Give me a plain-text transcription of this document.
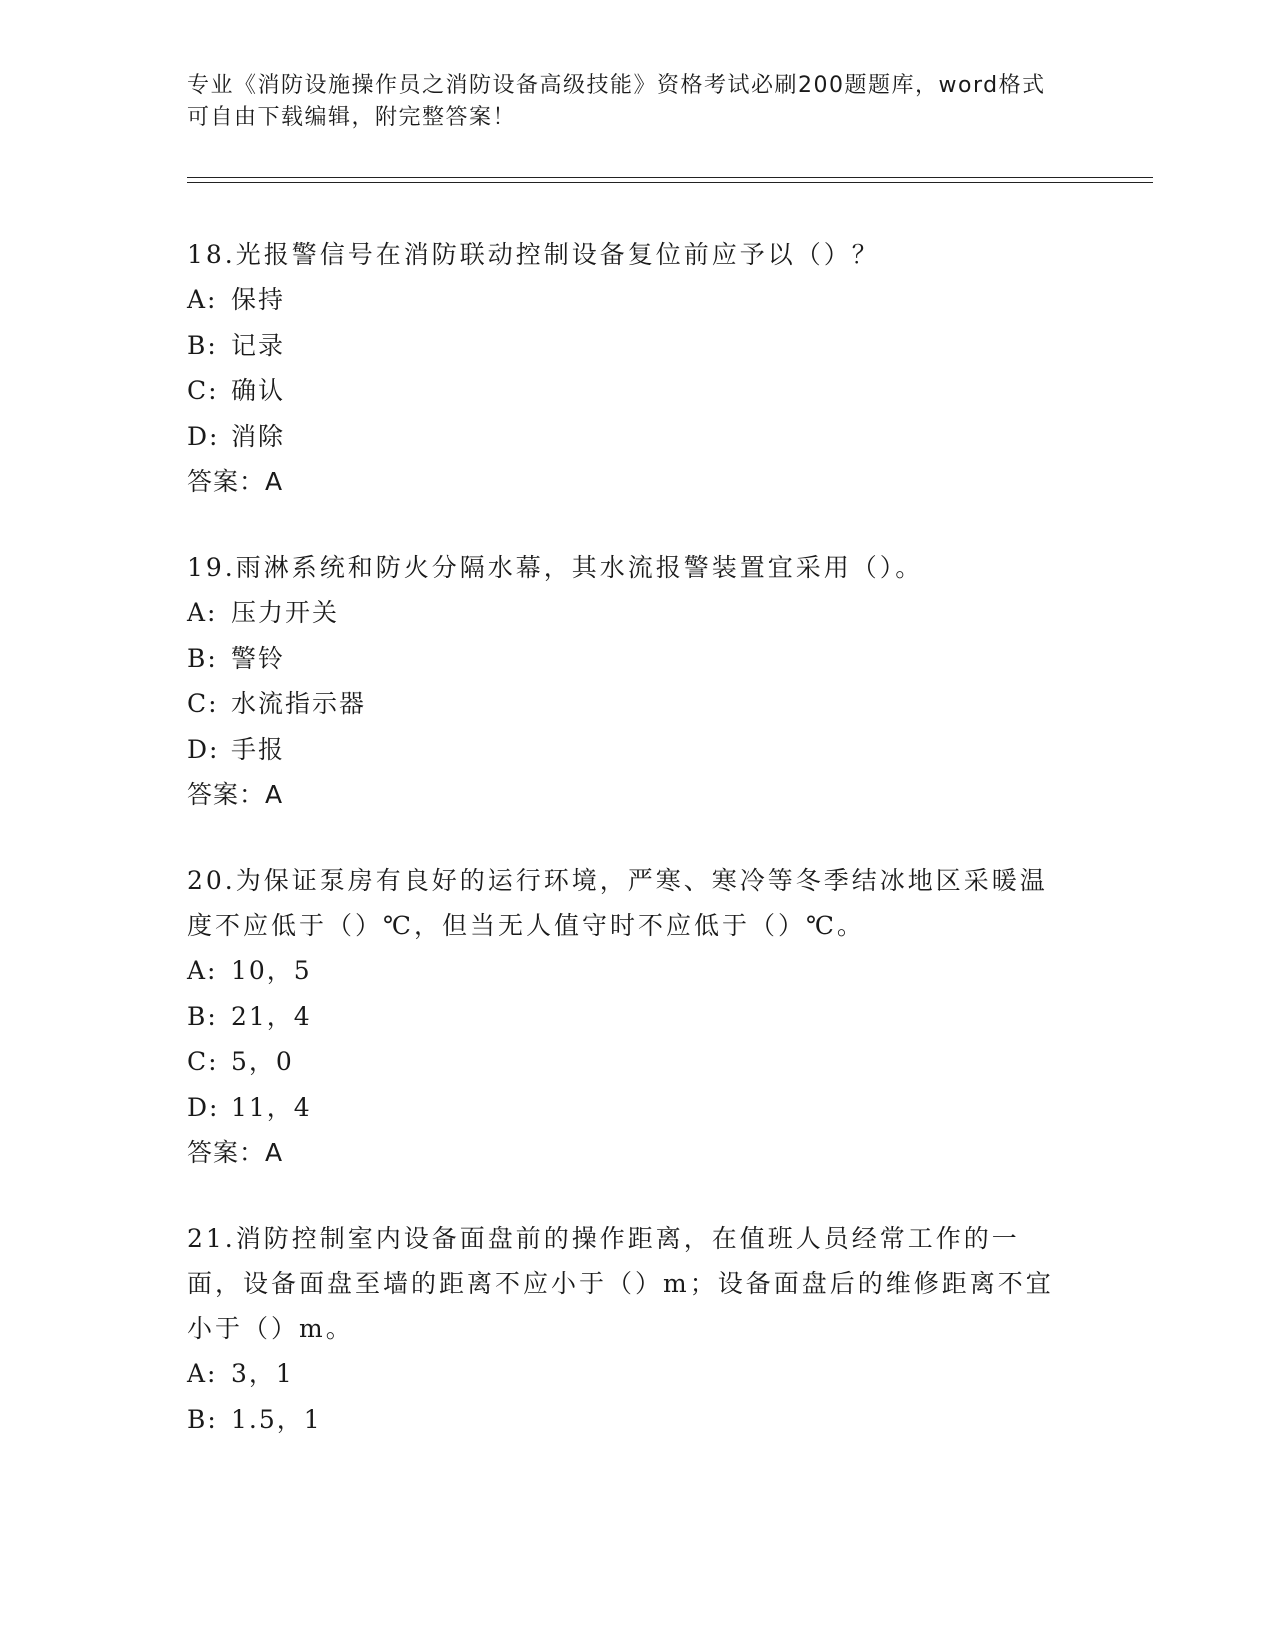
专业《消防设施操作员之消防设备高级技能》资格考试必刷200题题库，word格式可自由下载编辑，附完整答案！
18.光报警信号在消防联动控制设备复位前应予以（）？
A: 保持
B: 记录
C: 确认
D: 消除
答案：A
19.雨淋系统和防火分隔水幕，其水流报警装置宜采用（）。
A: 压力开关
B: 警铃
C: 水流指示器
D: 手报
答案：A
20.为保证泵房有良好的运行环境，严寒、寒冷等冬季结冰地区采暖温度不应低于（）℃，但当无人值守时不应低于（）℃。
A: 10，5
B: 21，4
C: 5，0
D: 11，4
答案：A
21.消防控制室内设备面盘前的操作距离，在值班人员经常工作的一面，设备面盘至墙的距离不应小于（）m；设备面盘后的维修距离不宜小于（）m。
A: 3，1
B: 1.5，1
